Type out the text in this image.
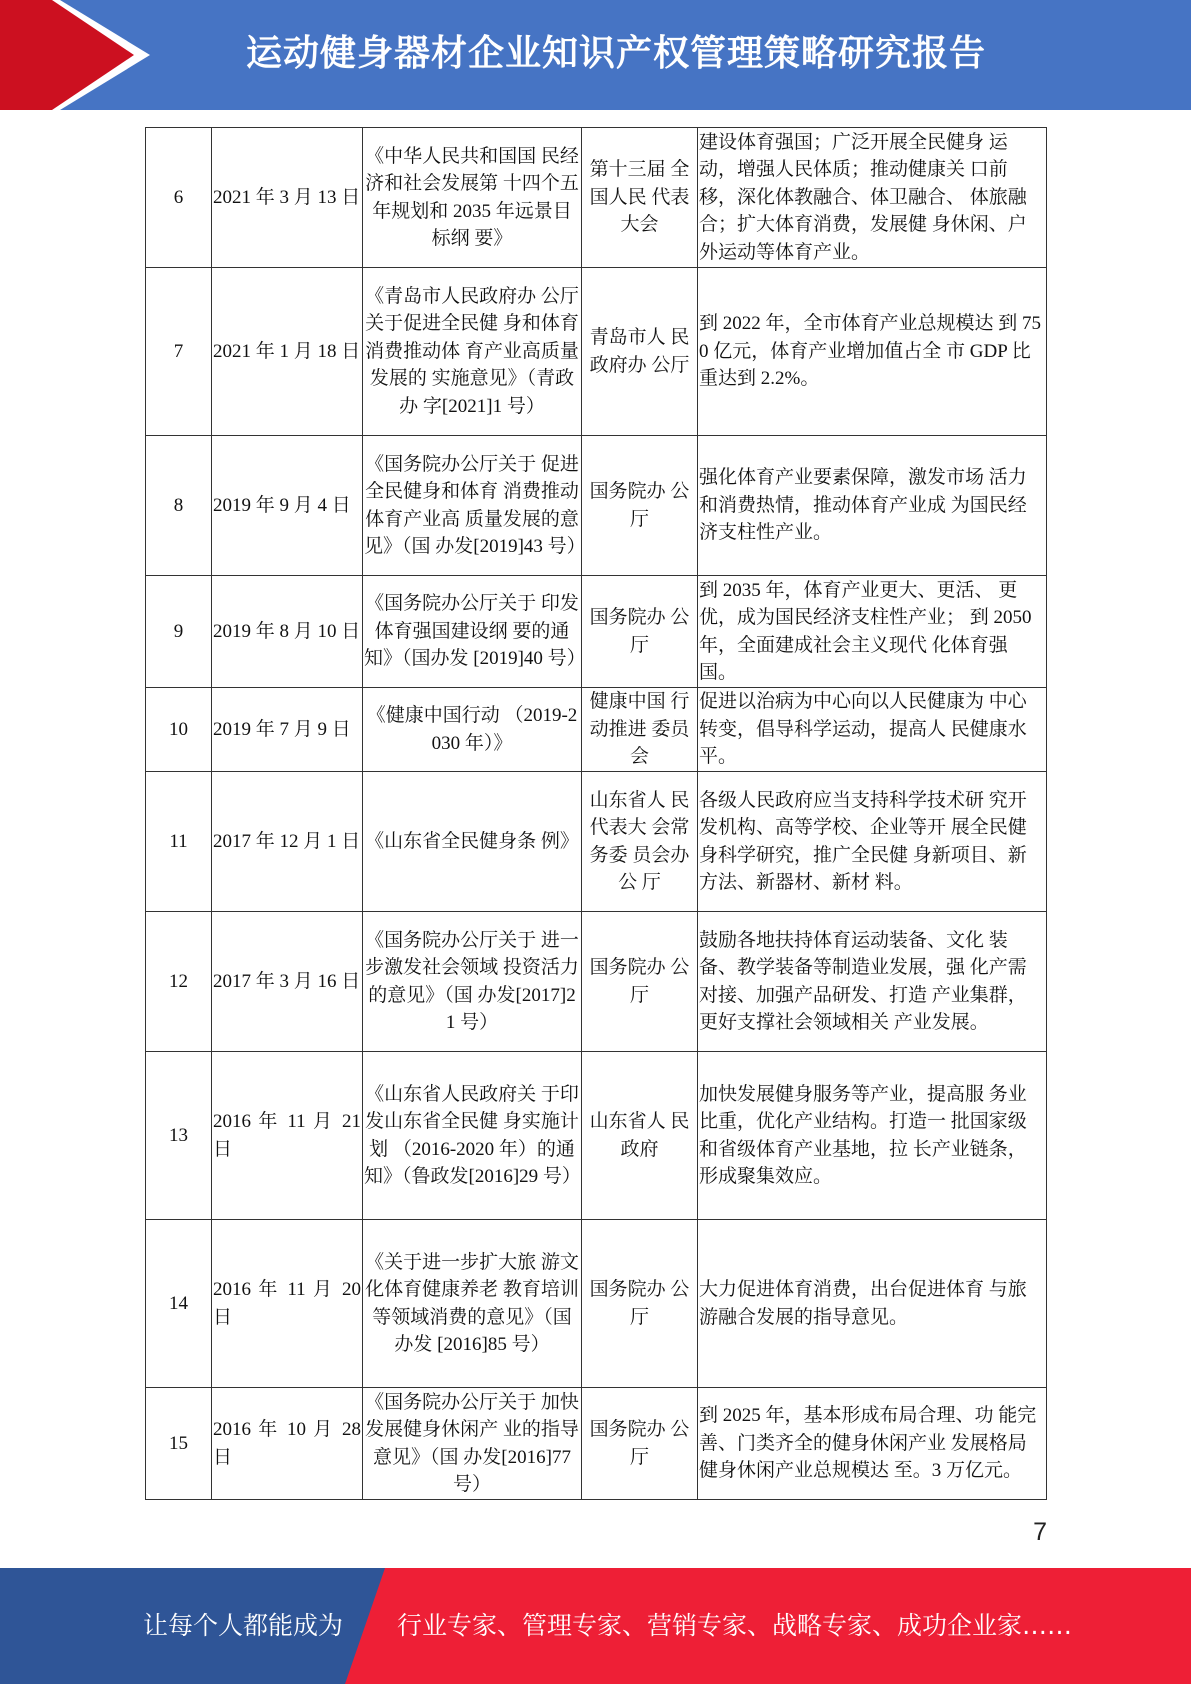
运动健身器材企业知识产权管理策略研究报告
6	2021 年 3 月 13 日	《中华人民共和国国 民经济和社会发展第 十四个五年规划和 2035 年远景目标纲 要》	第十三届 全国人民 代表大会	建设体育强国；广泛开展全民健身 运动，增强人民体质；推动健康关 口前移，深化体教融合、体卫融合、 体旅融合；扩大体育消费，发展健 身休闲、户外运动等体育产业。
7	2021 年 1 月 18 日	《青岛市人民政府办 公厅关于促进全民健 身和体育消费推动体 育产业高质量发展的 实施意见》（青政办 字[2021]1 号）	青岛市人 民政府办 公厅	到 2022 年，全市体育产业总规模达 到 750 亿元，体育产业增加值占全 市 GDP 比重达到 2.2%。
8	2019 年 9 月 4 日	《国务院办公厅关于 促进全民健身和体育 消费推动体育产业高 质量发展的意见》（国 办发[2019]43 号）	国务院办 公厅	强化体育产业要素保障，激发市场 活力和消费热情，推动体育产业成 为国民经济支柱性产业。
9	2019 年 8 月 10 日	《国务院办公厅关于 印发体育强国建设纲 要的通知》（国办发 [2019]40 号）	国务院办 公厅	到 2035 年，体育产业更大、更活、 更优，成为国民经济支柱性产业； 到 2050 年，全面建成社会主义现代 化体育强国。
10	2019 年 7 月 9 日	《健康中国行动 （2019-2030 年）》	健康中国 行动推进 委员会	促进以治病为中心向以人民健康为 中心转变，倡导科学运动，提高人 民健康水平。
11	2017 年 12 月 1 日	《山东省全民健身条 例》	山东省人 民代表大 会常务委 员会办公 厅	各级人民政府应当支持科学技术研 究开发机构、高等学校、企业等开 展全民健身科学研究，推广全民健 身新项目、新方法、新器材、新材 料。
12	2017 年 3 月 16 日	《国务院办公厅关于 进一步激发社会领域 投资活力的意见》（国 办发[2017]21 号）	国务院办 公厅	鼓励各地扶持体育运动装备、文化 装备、教学装备等制造业发展，强 化产需对接、加强产品研发、打造 产业集群，更好支撑社会领域相关 产业发展。
13	2016 年 11 月 21 日	《山东省人民政府关 于印发山东省全民健 身实施计划 （2016-2020 年）的通 知》（鲁政发[2016]29 号）	山东省人 民政府	加快发展健身服务等产业，提高服 务业比重，优化产业结构。打造一 批国家级和省级体育产业基地，拉 长产业链条，形成聚集效应。
14	2016 年 11 月 20 日	《关于进一步扩大旅 游文化体育健康养老 教育培训等领域消费的意见》（国办发 [2016]85 号）	国务院办 公厅	大力促进体育消费，出台促进体育 与旅游融合发展的指导意见。
15	2016 年 10 月 28 日	《国务院办公厅关于 加快发展健身休闲产 业的指导意见》（国 办发[2016]77 号）	国务院办 公厅	到 2025 年，基本形成布局合理、功 能完善、门类齐全的健身休闲产业 发展格局健身休闲产业总规模达 至。3 万亿元。
7
让每个人都能成为 行业专家、管理专家、营销专家、战略专家、成功企业家……
